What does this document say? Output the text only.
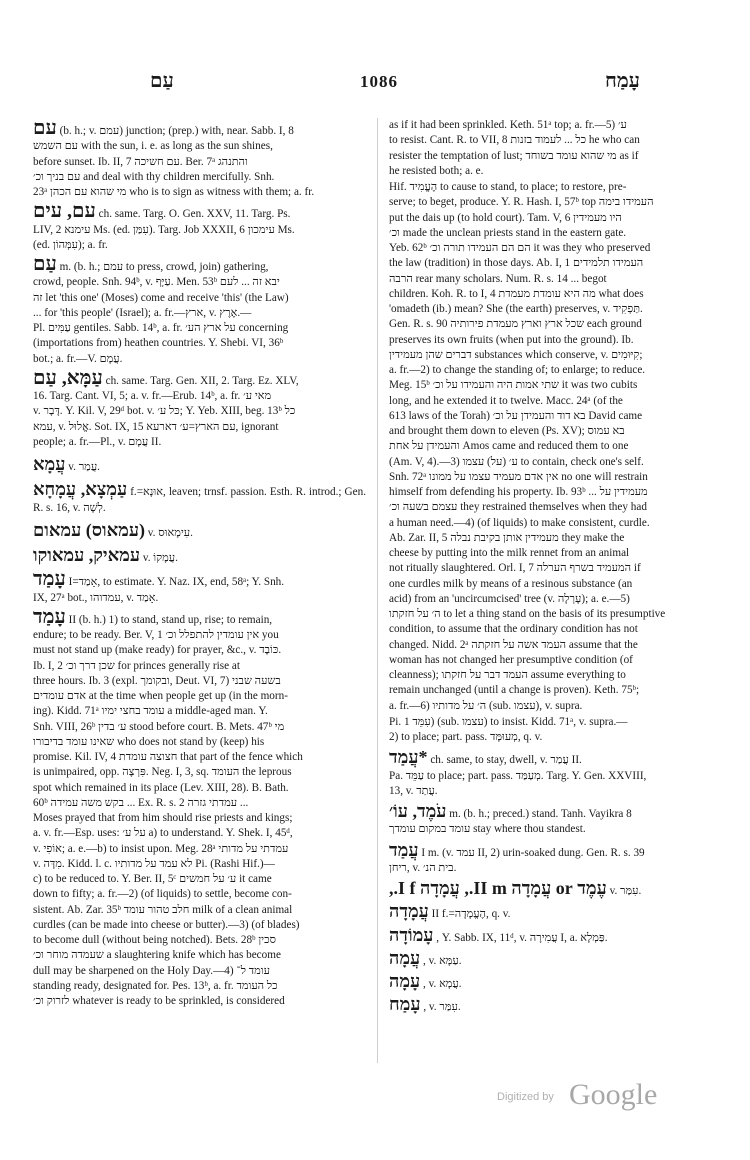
עַם	1086	עָמַח
עם (b. h.; v. עמם) junction; (prep.) with, near. Sabb. I, 8
עם השמש with the sun, i. e. as long as the sun shines,
before sunset. Ib. II, 7 עם חשיכה. Ber. 7ᵃ והתנהג
עם בניך וכ׳ and deal with thy children mercifully. Snh.
23ᵃ מי שהוא עם הכהן who is to sign as witness with them; a. fr.
עם, עים ch. same. Targ. O. Gen. XXV, 11. Targ. Ps.
LIV, 2 עימנא Ms. (ed. עִמַּן). Targ. Job XXXII, 6 עימכון Ms.
(ed. עִמְּהוֹן); a. fr.
עַם m. (b. h.; עמם to press, crowd, join) gathering,
crowd, people. Snh. 94ᵇ, v. עַיָּף. Men. 53ᵇ יבא זה ... לעם
זה let 'this one' (Moses) come and receive 'this' (the Law)
... for 'this people' (Israel); a. fr.—ארץ, v. אֶרֶץ.—
Pl. עַמִּים gentiles. Sabb. 14ᵇ, a. fr. על ארץ הע׳ concerning
(importations from) heathen countries. Y. Shebi. VI, 36ᵇ
bot.; a. fr.—V. עֲמָם.
עַמָּא, עַם ch. same. Targ. Gen. XII, 2. Targ. Ez. XLV,
16. Targ. Cant. VI, 5; a. v. fr.—Erub. 14ᵇ, a. fr. מאי ע׳
v. דָּבָר. Y. Kil. V, 29ᵈ bot. v. כּל ע׳; Y. Yeb. XIII, beg. 13ᵇ כל
עמא, v. אֱלוּל. Sot. IX, 15 עם הארץ=ע׳ דארעא, ignorant
people; a. fr.—Pl., v. עֲמָם II.
עֲמָא v. עֲמַר.
עַמְצָא, עֲמָחָא f.=אוּנָא, leaven; trnsf. passion. Esth. R. introd.; Gen. R. s. 16, v. לְשָׁה.
(עמאוס) עמאום v. עִימָאוּס.
עמאיק, עמאוקו v. עֲמָקוֹ.
עָמַד I=אָמַד, to estimate. Y. Naz. IX, end, 58ᵃ; Y. Snh.
IX, 27ᵃ bot., עמדוהו, v. אָמַד.
עָמַד II (b. h.) 1) to stand, stand up, rise; to remain,
endure; to be ready. Ber. V, 1 אין עומדין להתפלל וכ׳ you
must not stand up (make ready) for prayer, &c., v. כּוֹבֶד.
Ib. I, 2 שכן דרך וכ׳ for princes generally rise at
three hours. Ib. 3 (expl. ובקומך, Deut. VI, 7) בשעה שבני
אדם עומדים at the time when people get up (in the morn-
ing). Kidd. 71ᵃ עומד בחצי ימיו a middle-aged man. Y.
Snh. VIII, 26ᵇ ע׳ בדין stood before court. B. Mets. 47ᵇ מי
שאינו עומד בדיבורו who does not stand by (keep) his
promise. Kil. IV, 4 חצוצה עומדת that part of the fence which
is unimpaired, opp. פִּרְצָה. Neg. I, 3, sq. העומד the leprous
spot which remained in its place (Lev. XIII, 28). B. Bath.
60ᵇ בקש משה עמידה ... Ex. R. s. 2 עמדתי גזרה ...
Moses prayed that from him should rise priests and kings;
a. v. fr.—Esp. uses: על ע׳ a) to understand. Y. Shek. I, 45ᵈ,
v. אוֹפִי; a. e.—b) to insist upon. Meg. 28ᵃ עמדתי על מדותי
v. מִדָּה. Kidd. l. c. לא עמד על מדותיו Pi. (Rashi Hif.)—
c) to be reduced to. Y. Ber. II, 5ᶜ ע׳ על חמשים it came
down to fifty; a. fr.—2) (of liquids) to settle, become con-
sistent. Ab. Zar. 35ᵇ חלב טהור עומד milk of a clean animal
curdles (can be made into cheese or butter).—3) (of blades)
to become dull (without being notched). Bets. 28ᵇ סכין
שעמדה מוחר וכ׳ a slaughtering knife which has become
dull may be sharpened on the Holy Day.—4) עומד ל־
standing ready, designated for. Pes. 13ᵇ, a. fr. כל העומד
לזרוק וכ׳ whatever is ready to be sprinkled, is considered
as if it had been sprinkled. Keth. 51ᵃ top; a. fr.—5) ע׳
to resist. Cant. R. to VII, 8 כל ... לעמוד בזנות he who can
resister the temptation of lust; מי שהוא עומד בשוחד as if
he resisted both; a. e.
Hif. הֶעֱמִיד to cause to stand, to place; to restore, pre-
serve; to beget, produce. Y. R. Hash. I, 57ᵇ top העמידו בימה
put the dais up (to hold court). Tam. V, 6 היו מעמידין
וכ׳ made the unclean priests stand in the eastern gate.
Yeb. 62ᵇ הם הם העמידו תורה וכ׳ it was they who preserved
the law (tradition) in those days. Ab. I, 1 העמידו תלמידים
הרבה rear many scholars. Num. R. s. 14 ... begot
children. Koh. R. to I, 4 מה היא עומדת מעמדת what does
'omadeth (ib.) mean? She (the earth) preserves, v. תַּפְקִיד.
Gen. R. s. 90 שכל ארץ וארץ מעמדת פירותיה each ground
preserves its own fruits (when put into the ground). Ib.
דברים שהן מעמידין substances which conserve, v. קִיּוּמִים;
a. fr.—2) to change the standing of; to enlarge; to reduce.
Meg. 15ᵇ שתי אמות היה והעמידו על וכ׳ it was two cubits
long, and he extended it to twelve. Macc. 24ᵃ (of the
613 laws of the Torah) בא דוד והעמידן על וכ׳ David came
and brought them down to eleven (Ps. XV); בא עמוס
והעמידן על אחת Amos came and reduced them to one
(Am. V, 4).—3) ע׳ (על) עצמו to contain, check one's self.
Snh. 72ᵃ אין אדם מעמיד עצמו על ממונו no one will restrain
himself from defending his property. Ib. 93ᵇ ... מעמידין על
עצמם בשעה וכ׳ they restrained themselves when they had
a human need.—4) (of liquids) to make consistent, curdle.
Ab. Zar. II, 5 מעמידין אותן בקיבת נבלה they make the
cheese by putting into the milk rennet from an animal
not ritually slaughtered. Orl. I, 7 המעמיד בשרף הערלה if
one curdles milk by means of a resinous substance (an
acid) from an 'uncircumcised' tree (v. עָרְלָה); a. e.—5)
ה׳ על חזקתו to let a thing stand on the basis of its presumptive
condition, to assume that the ordinary condition has not
changed. Nidd. 2ᵃ העמד אשה על חזקתה assume that the
woman has not changed her presumptive condition (of
cleanness); העמד דבר על חזקתו assume everything to
remain unchanged (until a change is proven). Keth. 75ᵇ;
a. fr.—6) ה׳ על מדותיו (sub. עצמו), v. supra.
Pi. עִמֵּד 1) (sub. עצמו) to insist. Kidd. 71ᵃ, v. supra.—
2) to place; part. pass. מְעוּמָּד, q. v.
*עֲמַד ch. same, to stay, dwell, v. עֲמַר II.
Pa. עַמֵּד to place; part. pass. מְעַמַּד. Targ. Y. Gen. XXVIII,
13, v. עֲתַד.
עֹמֶד, עוֹ׳ m. (b. h.; preced.) stand. Tanh. Vayikra 8
עומד במקום עומדך stay where thou standest.
עֲמַד I m. (v. עמד II, 2) urin-soaked dung. Gen. R. s. 39
ריחן, v. בית הנ׳.
עֶמֶד or עֲמָדָה II m., עֲמָדָה I f., v. עִמַּר.
עֲמָדָה II f.=הֶעֱמָדָה, q. v.
עָמוֹדָה , Y. Sabb. IX, 11ᵈ, v. עֲמִירָה I, a. פַּמְלָא.
עֲמָה , v. עַמָּא.
עָמָה , v. עֲמָא.
עָמַח , v. עִמַּר.
Digitized by Google
